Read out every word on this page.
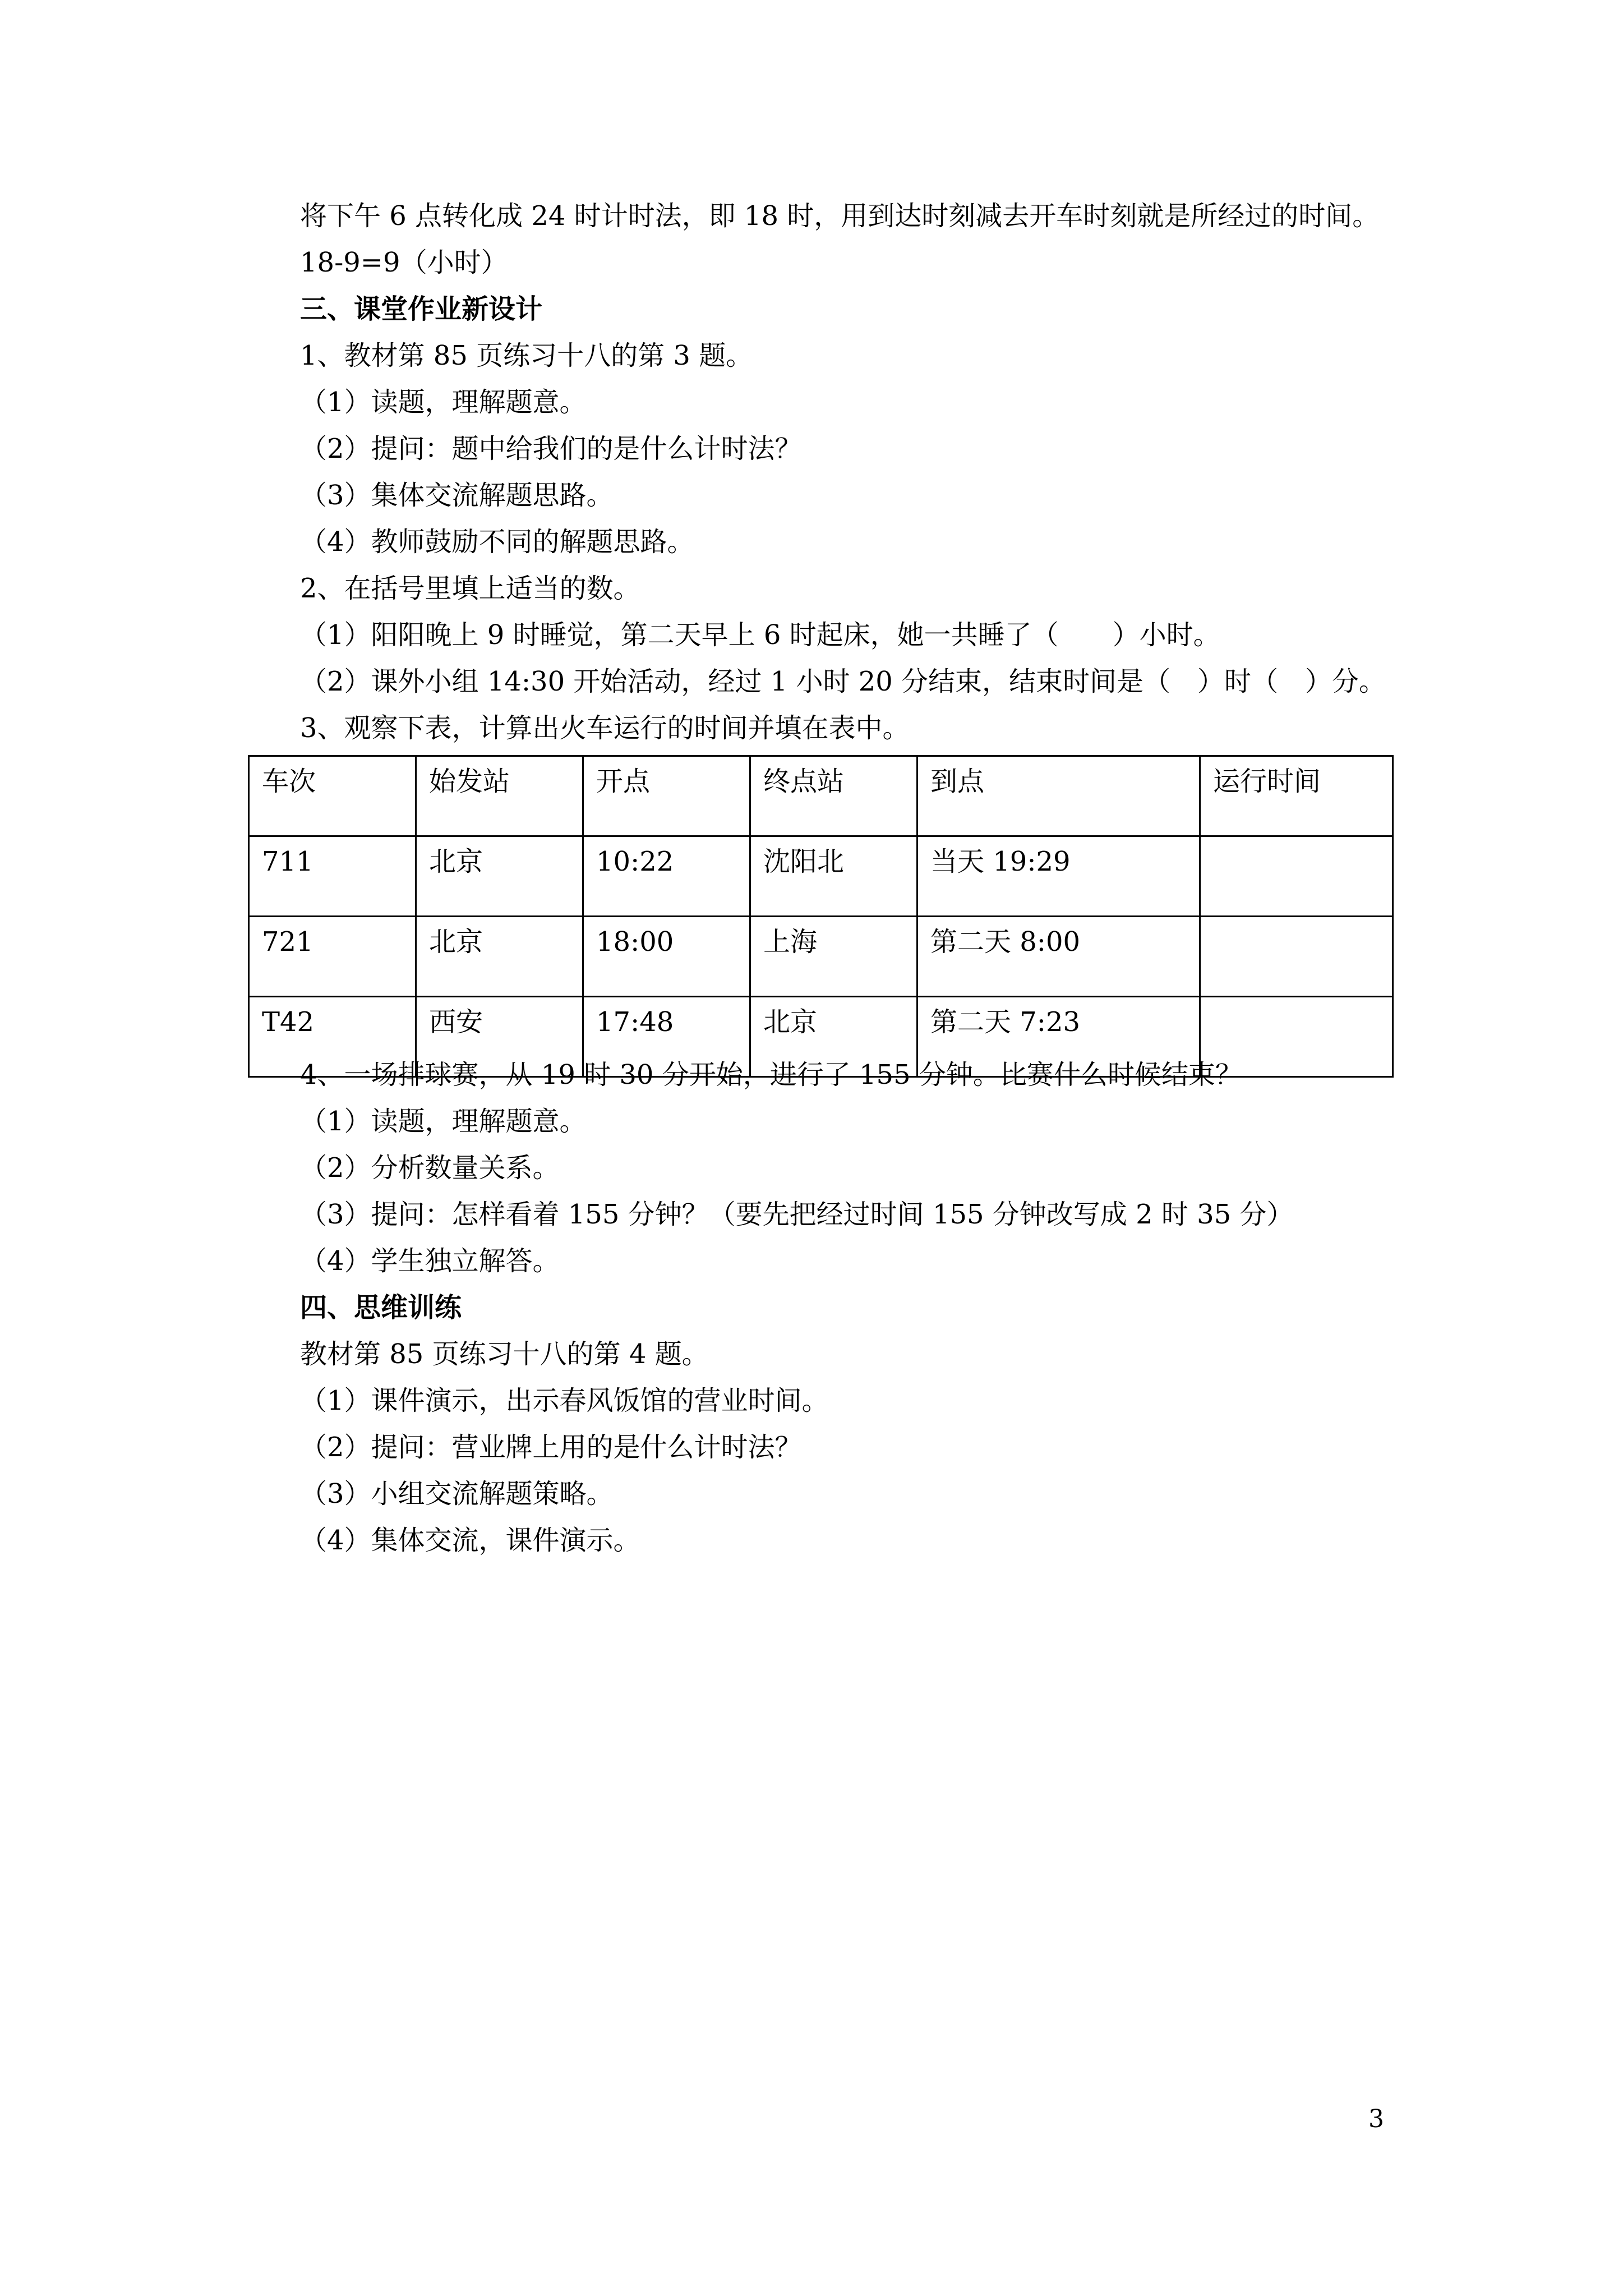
将下午 6 点转化成 24 时计时法，即 18 时，用到达时刻减去开车时刻就是所经过的时间。
18-9=9（小时）
三、课堂作业新设计
1、教材第 85 页练习十八的第 3 题。
（1）读题，理解题意。
（2）提问：题中给我们的是什么计时法？
（3）集体交流解题思路。
（4）教师鼓励不同的解题思路。
2、在括号里填上适当的数。
（1）阳阳晚上 9 时睡觉，第二天早上 6 时起床，她一共睡了（　　）小时。
（2）课外小组 14:30 开始活动，经过 1 小时 20 分结束，结束时间是（　）时（　）分。
3、观察下表，计算出火车运行的时间并填在表中。
车次	始发站	开点	终点站	到点	运行时间
711	北京	10:22	沈阳北	当天 19:29	
721	北京	18:00	上海	第二天 8:00	
T42	西安	17:48	北京	第二天 7:23	
4、一场排球赛，从 19 时 30 分开始，进行了 155 分钟。比赛什么时候结束？
（1）读题，理解题意。
（2）分析数量关系。
（3）提问：怎样看着 155 分钟？（要先把经过时间 155 分钟改写成 2 时 35 分）
（4）学生独立解答。
四、思维训练
教材第 85 页练习十八的第 4 题。
（1）课件演示，出示春风饭馆的营业时间。
（2）提问：营业牌上用的是什么计时法？
（3）小组交流解题策略。
（4）集体交流，课件演示。
3
